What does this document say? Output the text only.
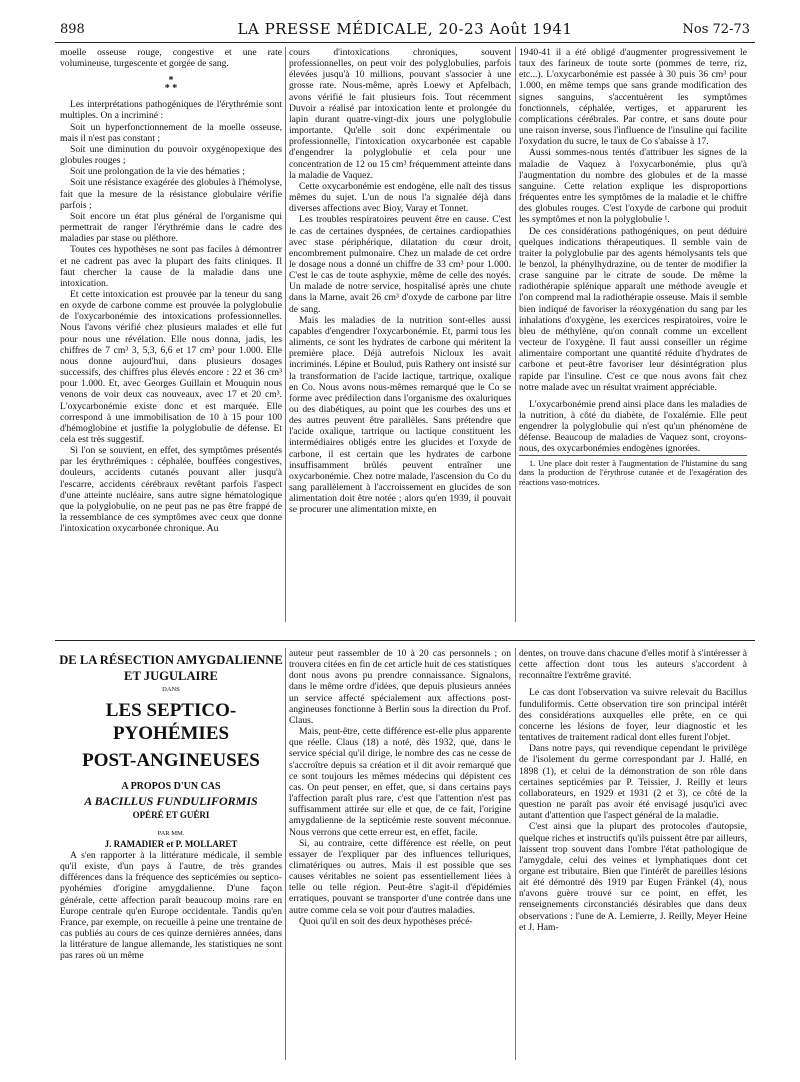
898	LA PRESSE MÉDICALE, 20-23 Août 1941	Nos 72-73

moelle osseuse rouge, congestive et une rate volumineuse, turgescente et gorgée de sang.

*
* *

Les interprétations pathogéniques de l'érythrémie sont multiples. On a incriminé :

Soit un hyperfonctionnement de la moelle osseuse, mais il n'est pas constant ;

Soit une diminution du pouvoir oxygénopexique des globules rouges ;

Soit une prolongation de la vie des hématies ;

Soit une résistance exagérée des globules à l'hémolyse, fait que la mesure de la résistance globulaire vérifie parfois ;

Soit encore un état plus général de l'organisme qui permettrait de ranger l'érythrémie dans le cadre des maladies par stase ou pléthore.

Toutes ces hypothèses ne sont pas faciles à démontrer et ne cadrent pas avec la plupart des faits cliniques. Il faut chercher la cause de la maladie dans une intoxication.

Et cette intoxication est prouvée par la teneur du sang en oxyde de carbone comme est prouvée la polyglobulie de l'oxycarbonémie des intoxications professionnelles. Nous l'avons vérifié chez plusieurs malades et elle fut pour nous une révélation. Elle nous donna, jadis, les chiffres de 7 cm³ 3, 5,3, 6,6 et 17 cm³ pour 1.000. Elle nous donne aujourd'hui, dans plusieurs dosages successifs, des chiffres plus élevés encore : 22 et 36 cm³ pour 1.000. Et, avec Georges Guillain et Mouquin nous venons de voir deux cas nouveaux, avec 17 et 20 cm³. L'oxycarbonémie existe donc et est marquée. Elle correspond à une immobilisation de 10 à 15 pour 100 d'hémoglobine et justifie la polyglobulie de défense. Et cela est très suggestif.

Si l'on se souvient, en effet, des symptômes présentés par les érythrémiques : céphalée, bouffées congestives, douleurs, accidents cutanés pouvant aller jusqu'à l'escarre, accidents cérébraux revêtant parfois l'aspect d'une atteinte nucléaire, sans autre signe hématologique que la polyglobulie, on ne peut pas ne pas être frappé de la ressemblance de ces symptômes avec ceux que donne l'intoxication oxycarbonée chronique. Au

cours d'intoxications chroniques, souvent professionnelles, on peut voir des polyglobulies, parfois élevées jusqu'à 10 millions, pouvant s'associer à une grosse rate. Nous-même, après Loewy et Apfelbach, avons vérifié le fait plusieurs fois. Tout récemment Duvoir a réalisé par intoxication lente et prolongée du lapin durant quatre-vingt-dix jours une polyglobulie importante. Qu'elle soit donc expérimentale ou professionnelle, l'intoxication oxycarbonée est capable d'engendrer la polyglobulie et cela pour une concentration de 12 ou 15 cm³ fréquemment atteinte dans la maladie de Vaquez.

Cette oxycarbonémie est endogène, elle naît des tissus mêmes du sujet. L'un de nous l'a signalée déjà dans diverses affections avec Bioy, Varay et Tonnet.

Les troubles respiratoires peuvent être en cause. C'est le cas de certaines dyspnées, de certaines cardiopathies avec stase périphérique, dilatation du cœur droit, encombrement pulmonaire. Chez un malade de cet ordre le dosage nous a donné un chiffre de 33 cm³ pour 1.000. C'est le cas de toute asphyxie, même de celle des noyés. Un malade de notre service, hospitalisé après une chute dans la Marne, avait 26 cm³ d'oxyde de carbone par litre de sang.

Mais les maladies de la nutrition sont-elles aussi capables d'engendrer l'oxycarbonémie. Et, parmi tous les aliments, ce sont les hydrates de carbone qui méritent la première place. Déjà autrefois Nicloux les avait incriminés. Lépine et Boulud, puis Rathery ont insisté sur la transformation de l'acide lactique, tartrique, oxalique en Co. Nous avons nous-mêmes remarqué que le Co se forme avec prédilection dans l'organisme des oxaluriques ou des diabétiques, au point que les courbes des uns et des autres peuvent être parallèles. Sans prétendre que l'acide oxalique, tartrique ou lactique constituent les intermédiaires obligés entre les glucides et l'oxyde de carbone, il est certain que les hydrates de carbone insuffisamment brûlés peuvent entraîner une oxycarbonémie. Chez notre malade, l'ascension du Co du sang parallèlement à l'accroissement en glucides de son alimentation doit être notée ; alors qu'en 1939, il pouvait se procurer une alimentation mixte, en

1940-41 il a été obligé d'augmenter progressivement le taux des farineux de toute sorte (pommes de terre, riz, etc...). L'oxycarbonémie est passée à 30 puis 36 cm³ pour 1.000, en même temps que sans grande modification des signes sanguins, s'accentuèrent les symptômes fonctionnels, céphalée, vertiges, et apparurent les complications cérébrales. Par contre, et sans doute pour une raison inverse, sous l'influence de l'insuline qui facilite l'oxydation du sucre, le taux de Co s'abaisse à 17.

Aussi sommes-nous tentés d'attribuer les signes de la maladie de Vaquez à l'oxycarbonémie, plus qu'à l'augmentation du nombre des globules et de la masse sanguine. Cette relation explique les disproportions fréquentes entre les symptômes de la maladie et le chiffre des globules rouges. C'est l'oxyde de carbone qui produit les symptômes et non la polyglobulie ¹.

De ces considérations pathogéniques, on peut déduire quelques indications thérapeutiques. Il semble vain de traiter la polyglobulie par des agents hémolysants tels que le benzol, la phénylhydrazine, ou de tenter de modifier la crase sanguine par le citrate de soude. De même la radiothérapie splénique apparaît une méthode aveugle et l'on comprend mal la radiothérapie osseuse. Mais il semble bien indiqué de favoriser la réoxygénation du sang par les inhalations d'oxygène, les exercices respiratoires, voire le bleu de méthylène, qu'on connaît comme un excellent vecteur de l'oxygène. Il faut aussi conseiller un régime alimentaire comportant une quantité réduite d'hydrates de carbone et peut-être favoriser leur désintégration plus rapide par l'insuline. C'est ce que nous avons fait chez notre malade avec un résultat vraiment appréciable.

L'oxycarbonémie prend ainsi place dans les maladies de la nutrition, à côté du diabète, de l'oxalémie. Elle peut engendrer la polyglobulie qui n'est qu'un phénomène de défense. Beaucoup de maladies de Vaquez sont, croyons-nous, des oxycarbonémies endogènes ignorées.

1. Une place doit rester à l'augmentation de l'histamine du sang dans la production de l'érythrose cutanée et de l'exagération des réactions vaso-motrices.

DE LA RÉSECTION AMYGDALIENNE
ET JUGULAIRE
DANS
LES SEPTICO-PYOHÉMIES
POST-ANGINEUSES
A PROPOS D'UN CAS
A BACILLUS FUNDULIFORMIS
OPÉRÉ ET GUÉRI
PAR MM.
J. RAMADIER et P. MOLLARET

A s'en rapporter à la littérature médicale, il semble qu'il existe, d'un pays à l'autre, de très grandes différences dans la fréquence des septicémies ou septico-pyohémies d'origine amygdalienne. D'une façon générale, cette affection paraît beaucoup moins rare en Europe centrale qu'en Europe occidentale. Tandis qu'en France, par exemple, on recueille à peine une trentaine de cas publiés au cours de ces quinze dernières années, dans la littérature de langue allemande, les statistiques ne sont pas rares où un même

auteur peut rassembler de 10 à 20 cas personnels ; on trouvera citées en fin de cet article huit de ces statistiques dont nous avons pu prendre connaissance. Signalons, dans le même ordre d'idées, que depuis plusieurs années un service affecté spécialement aux affections post-angineuses fonctionne à Berlin sous la direction du Prof. Claus.

Mais, peut-être, cette différence est-elle plus apparente que réelle. Claus (18) a noté, dès 1932, que, dans le service spécial qu'il dirige, le nombre des cas ne cesse de s'accroître depuis sa création et il dit avoir remarqué que ce sont toujours les mêmes médecins qui dépistent ces cas. On peut penser, en effet, que, si dans certains pays l'affection paraît plus rare, c'est que l'attention n'est pas suffisamment attirée sur elle et que, de ce fait, l'origine amygdalienne de la septicémie reste souvent méconnue. Nous verrons que cette erreur est, en effet, facile.

Si, au contraire, cette différence est réelle, on peut essayer de l'expliquer par des influences telluriques, climatériques ou autres. Mais il est possible que ses causes véritables ne soient pas essentiellement liées à telle ou telle région. Peut-être s'agit-il d'épidémies erratiques, pouvant se transporter d'une contrée dans une autre comme cela se voit pour d'autres maladies.

Quoi qu'il en soit des deux hypothèses précé-

dentes, on trouve dans chacune d'elles motif à s'intéresser à cette affection dont tous les auteurs s'accordent à reconnaître l'extrême gravité.

Le cas dont l'observation va suivre relevait du Bacillus funduliformis. Cette observation tire son principal intérêt des considérations auxquelles elle prête, en ce qui concerne les lésions de foyer, leur diagnostic et les tentatives de traitement radical dont elles furent l'objet.

Dans notre pays, qui revendique cependant le privilège de l'isolement du germe correspondant par J. Hallé, en 1898 (1), et celui de la démonstration de son rôle dans certaines septicémies par P. Teissier, J. Reilly et leurs collaborateurs, en 1929 et 1931 (2 et 3), ce côté de la question ne paraît pas avoir été envisagé jusqu'ici avec autant d'attention que l'aspect général de la maladie.

C'est ainsi que la plupart des protocoles d'autopsie, quelque riches et instructifs qu'ils puissent être par ailleurs, laissent trop souvent dans l'ombre l'état pathologique de l'amygdale, celui des veines et lymphatiques dont cet organe est tributaire. Bien que l'intérêt de pareilles lésions ait été démontré dès 1919 par Eugen Fränkel (4), nous n'avons guère trouvé sur ce point, en effet, les renseignements circonstanciés désirables que dans deux observations : l'une de A. Lemierre, J. Reilly, Meyer Heine et J. Ham-
